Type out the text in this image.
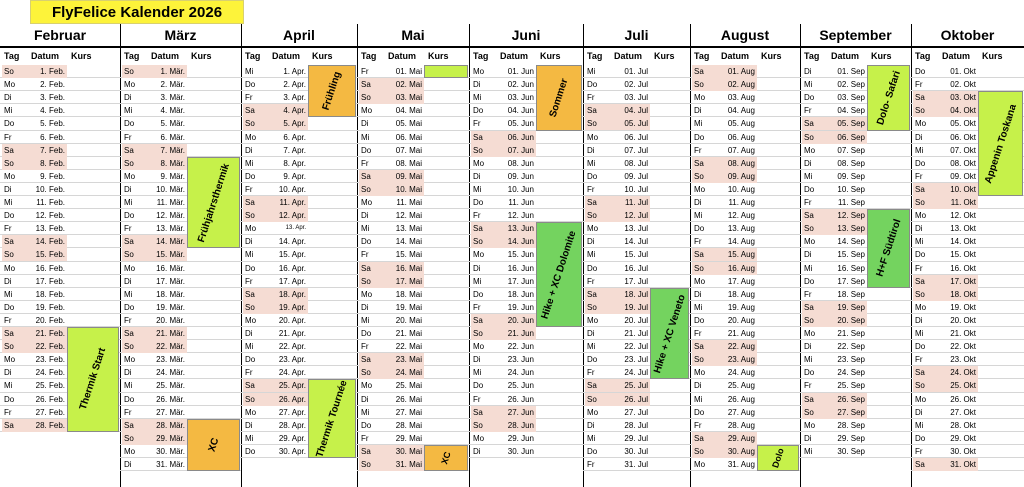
FlyFelice Kalender 2026
Februar
Tag Datum Kurs
So	1. Feb.
Mo	2. Feb.
Di	3. Feb.
Mi	4. Feb.
Do	5. Feb.
Fr	6. Feb.
Sa	7. Feb.
So	8. Feb.
Mo	9. Feb.
Di	10. Feb.
Mi	11. Feb.
Do	12. Feb.
Fr	13. Feb.
Sa	14. Feb.
So	15. Feb.
Mo	16. Feb.
Di	17. Feb.
Mi	18. Feb.
Do	19. Feb.
Fr	20. Feb.
Sa	21. Feb.
So	22. Feb.
Mo	23. Feb.
Di	24. Feb.
Mi	25. Feb.
Do	26. Feb.
Fr	27. Feb.
Sa	28. Feb.
Thermik Start
März
Tag Datum Kurs
So	1. Mär.
Mo	2. Mär.
Di	3. Mär.
Mi	4. Mär.
Do	5. Mär.
Fr	6. Mär.
Sa	7. Mär.
So	8. Mär.
Mo	9. Mär.
Di	10. Mär.
Mi	11. Mär.
Do	12. Mär.
Fr	13. Mär.
Sa	14. Mär.
So	15. Mär.
Mo	16. Mär.
Di	17. Mär.
Mi	18. Mär.
Do	19. Mär.
Fr	20. Mär.
Sa	21. Mär.
So	22. Mär.
Mo	23. Mär.
Di	24. Mär.
Mi	25. Mär.
Do	26. Mär.
Fr	27. Mär.
Sa	28. Mär.
So	29. Mär.
Mo	30. Mär.
Di	31. Mär.
Frühjahrsthermik
XC
April
Tag Datum Kurs
Mi	1. Apr.
Do	2. Apr.
Fr	3. Apr.
Sa	4. Apr.
So	5. Apr.
Mo	6. Apr.
Di	7. Apr.
Mi	8. Apr.
Do	9. Apr.
Fr	10. Apr.
Sa	11. Apr.
So	12. Apr.
Mo	13. Apr.
Di	14. Apr.
Mi	15. Apr.
Do	16. Apr.
Fr	17. Apr.
Sa	18. Apr.
So	19. Apr.
Mo	20. Apr.
Di	21. Apr.
Mi	22. Apr.
Do	23. Apr.
Fr	24. Apr.
Sa	25. Apr.
So	26. Apr.
Mo	27. Apr.
Di	28. Apr.
Mi	29. Apr.
Do	30. Apr.
Frühling
Thermik Tournée
Mai
Tag Datum Kurs
Fr	01. Mai
Sa	02. Mai
So	03. Mai
Mo	04. Mai
Di	05. Mai
Mi	06. Mai
Do	07. Mai
Fr	08. Mai
Sa	09. Mai
So	10. Mai
Mo	11. Mai
Di	12. Mai
Mi	13. Mai
Do	14. Mai
Fr	15. Mai
Sa	16. Mai
So	17. Mai
Mo	18. Mai
Di	19. Mai
Mi	20. Mai
Do	21. Mai
Fr	22. Mai
Sa	23. Mai
So	24. Mai
Mo	25. Mai
Di	26. Mai
Mi	27. Mai
Do	28. Mai
Fr	29. Mai
Sa	30. Mai
So	31. Mai XC
Juni
Tag Datum Kurs
Mo	01. Jun
Di	02. Jun
Mi	03. Jun
Do	04. Jun
Fr	05. Jun
Sa	06. Jun
So	07. Jun
Mo	08. Jun
Di	09. Jun
Mi	10. Jun
Do	11. Jun
Fr	12. Jun
Sa	13. Jun
So	14. Jun
Mo	15. Jun
Di	16. Jun
Mi	17. Jun
Do	18. Jun
Fr	19. Jun
Sa	20. Jun
So	21. Jun
Mo	22. Jun
Di	23. Jun
Mi	24. Jun
Do	25. Jun
Fr	26. Jun
Sa	27. Jun
So	28. Jun
Mo	29. Jun
Di	30. Jun
Sommer
Hike + XC Dolomite
Juli
Tag Datum Kurs
Mi	01. Jul
Do	02. Jul
Fr	03. Jul
Sa	04. Jul
So	05. Jul
Mo	06. Jul
Di	07. Jul
Mi	08. Jul
Do	09. Jul
Fr	10. Jul
Sa	11. Jul
So	12. Jul
Mo	13. Jul
Di	14. Jul
Mi	15. Jul
Do	16. Jul
Fr	17. Jul
Sa	18. Jul
So	19. Jul
Mo	20. Jul
Di	21. Jul
Mi	22. Jul
Do	23. Jul
Fr	24. Jul
Sa	25. Jul
So	26. Jul
Mo	27. Jul
Di	28. Jul
Mi	29. Jul
Do	30. Jul
Fr	31. Jul
Hike + XC Veneto
August
Tag Datum Kurs
Sa	01. Aug
So	02. Aug
Mo	03. Aug
Di	04. Aug
Mi	05. Aug
Do	06. Aug
Fr	07. Aug
Sa	08. Aug
So	09. Aug
Mo	10. Aug
Di	11. Aug
Mi	12. Aug
Do	13. Aug
Fr	14. Aug
Sa	15. Aug
So	16. Aug
Mo	17. Aug
Di	18. Aug
Mi	19. Aug
Do	20. Aug
Fr	21. Aug
Sa	22. Aug
So	23. Aug
Mo	24. Aug
Di	25. Aug
Mi	26. Aug
Do	27. Aug
Fr	28. Aug
Sa	29. Aug
So	30. Aug
Mo	31. Aug Dolo
September
Tag Datum Kurs
Di	01. Sep
Mi	02. Sep
Do	03. Sep
Fr	04. Sep
Sa	05. Sep
So	06. Sep
Mo	07. Sep
Di	08. Sep
Mi	09. Sep
Do	10. Sep
Fr	11. Sep
Sa	12. Sep
So	13. Sep
Mo	14. Sep
Di	15. Sep
Mi	16. Sep
Do	17. Sep
Fr	18. Sep
Sa	19. Sep
So	20. Sep
Mo	21. Sep
Di	22. Sep
Mi	23. Sep
Do	24. Sep
Fr	25. Sep
Sa	26. Sep
So	27. Sep
Mo	28. Sep
Di	29. Sep
Mi	30. Sep
Dolo- Safari
H+F Südtirol
Oktober
Tag Datum Kurs
Do	01. Okt
Fr	02. Okt
Sa	03. Okt
So	04. Okt
Mo	05. Okt
Di	06. Okt
Mi	07. Okt
Do	08. Okt
Fr	09. Okt
Sa	10. Okt
So	11. Okt
Mo	12. Okt
Di	13. Okt
Mi	14. Okt
Do	15. Okt
Fr	16. Okt
Sa	17. Okt
So	18. Okt
Mo	19. Okt
Di	20. Okt
Mi	21. Okt
Do	22. Okt
Fr	23. Okt
Sa	24. Okt
So	25. Okt
Mo	26. Okt
Di	27. Okt
Mi	28. Okt
Do	29. Okt
Fr	30. Okt
Sa	31. Okt
Appenin Toskana
